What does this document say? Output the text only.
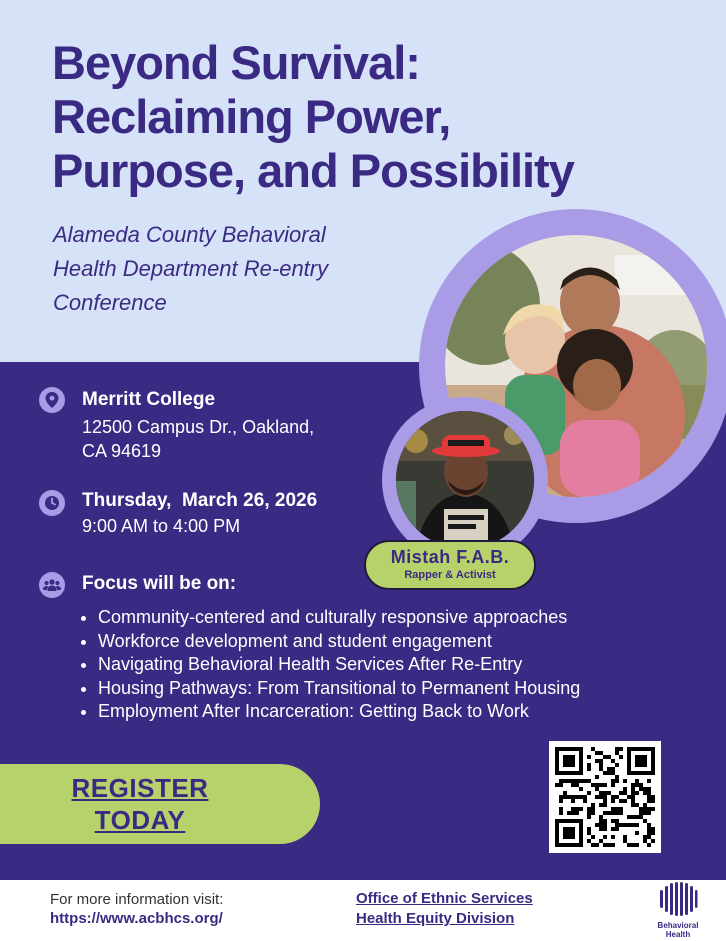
Beyond Survival:
Reclaiming Power,
Purpose, and Possibility
Alameda County Behavioral
Health Department Re-entry
Conference
Mistah F.A.B.
Rapper & Activist
Merritt College
12500 Campus Dr., Oakland,
CA 94619
Thursday,  March 26, 2026
9:00 AM to 4:00 PM
Focus will be on:
• Community-centered and culturally responsive approaches
• Workforce development and student engagement
• Navigating Behavioral Health Services After Re-Entry
• Housing Pathways: From Transitional to Permanent Housing
• Employment After Incarceration: Getting Back to Work
REGISTER
TODAY
For more information visit:
https://www.acbhcs.org/
Office of Ethnic Services
Health Equity Division	Behavioral
Health
